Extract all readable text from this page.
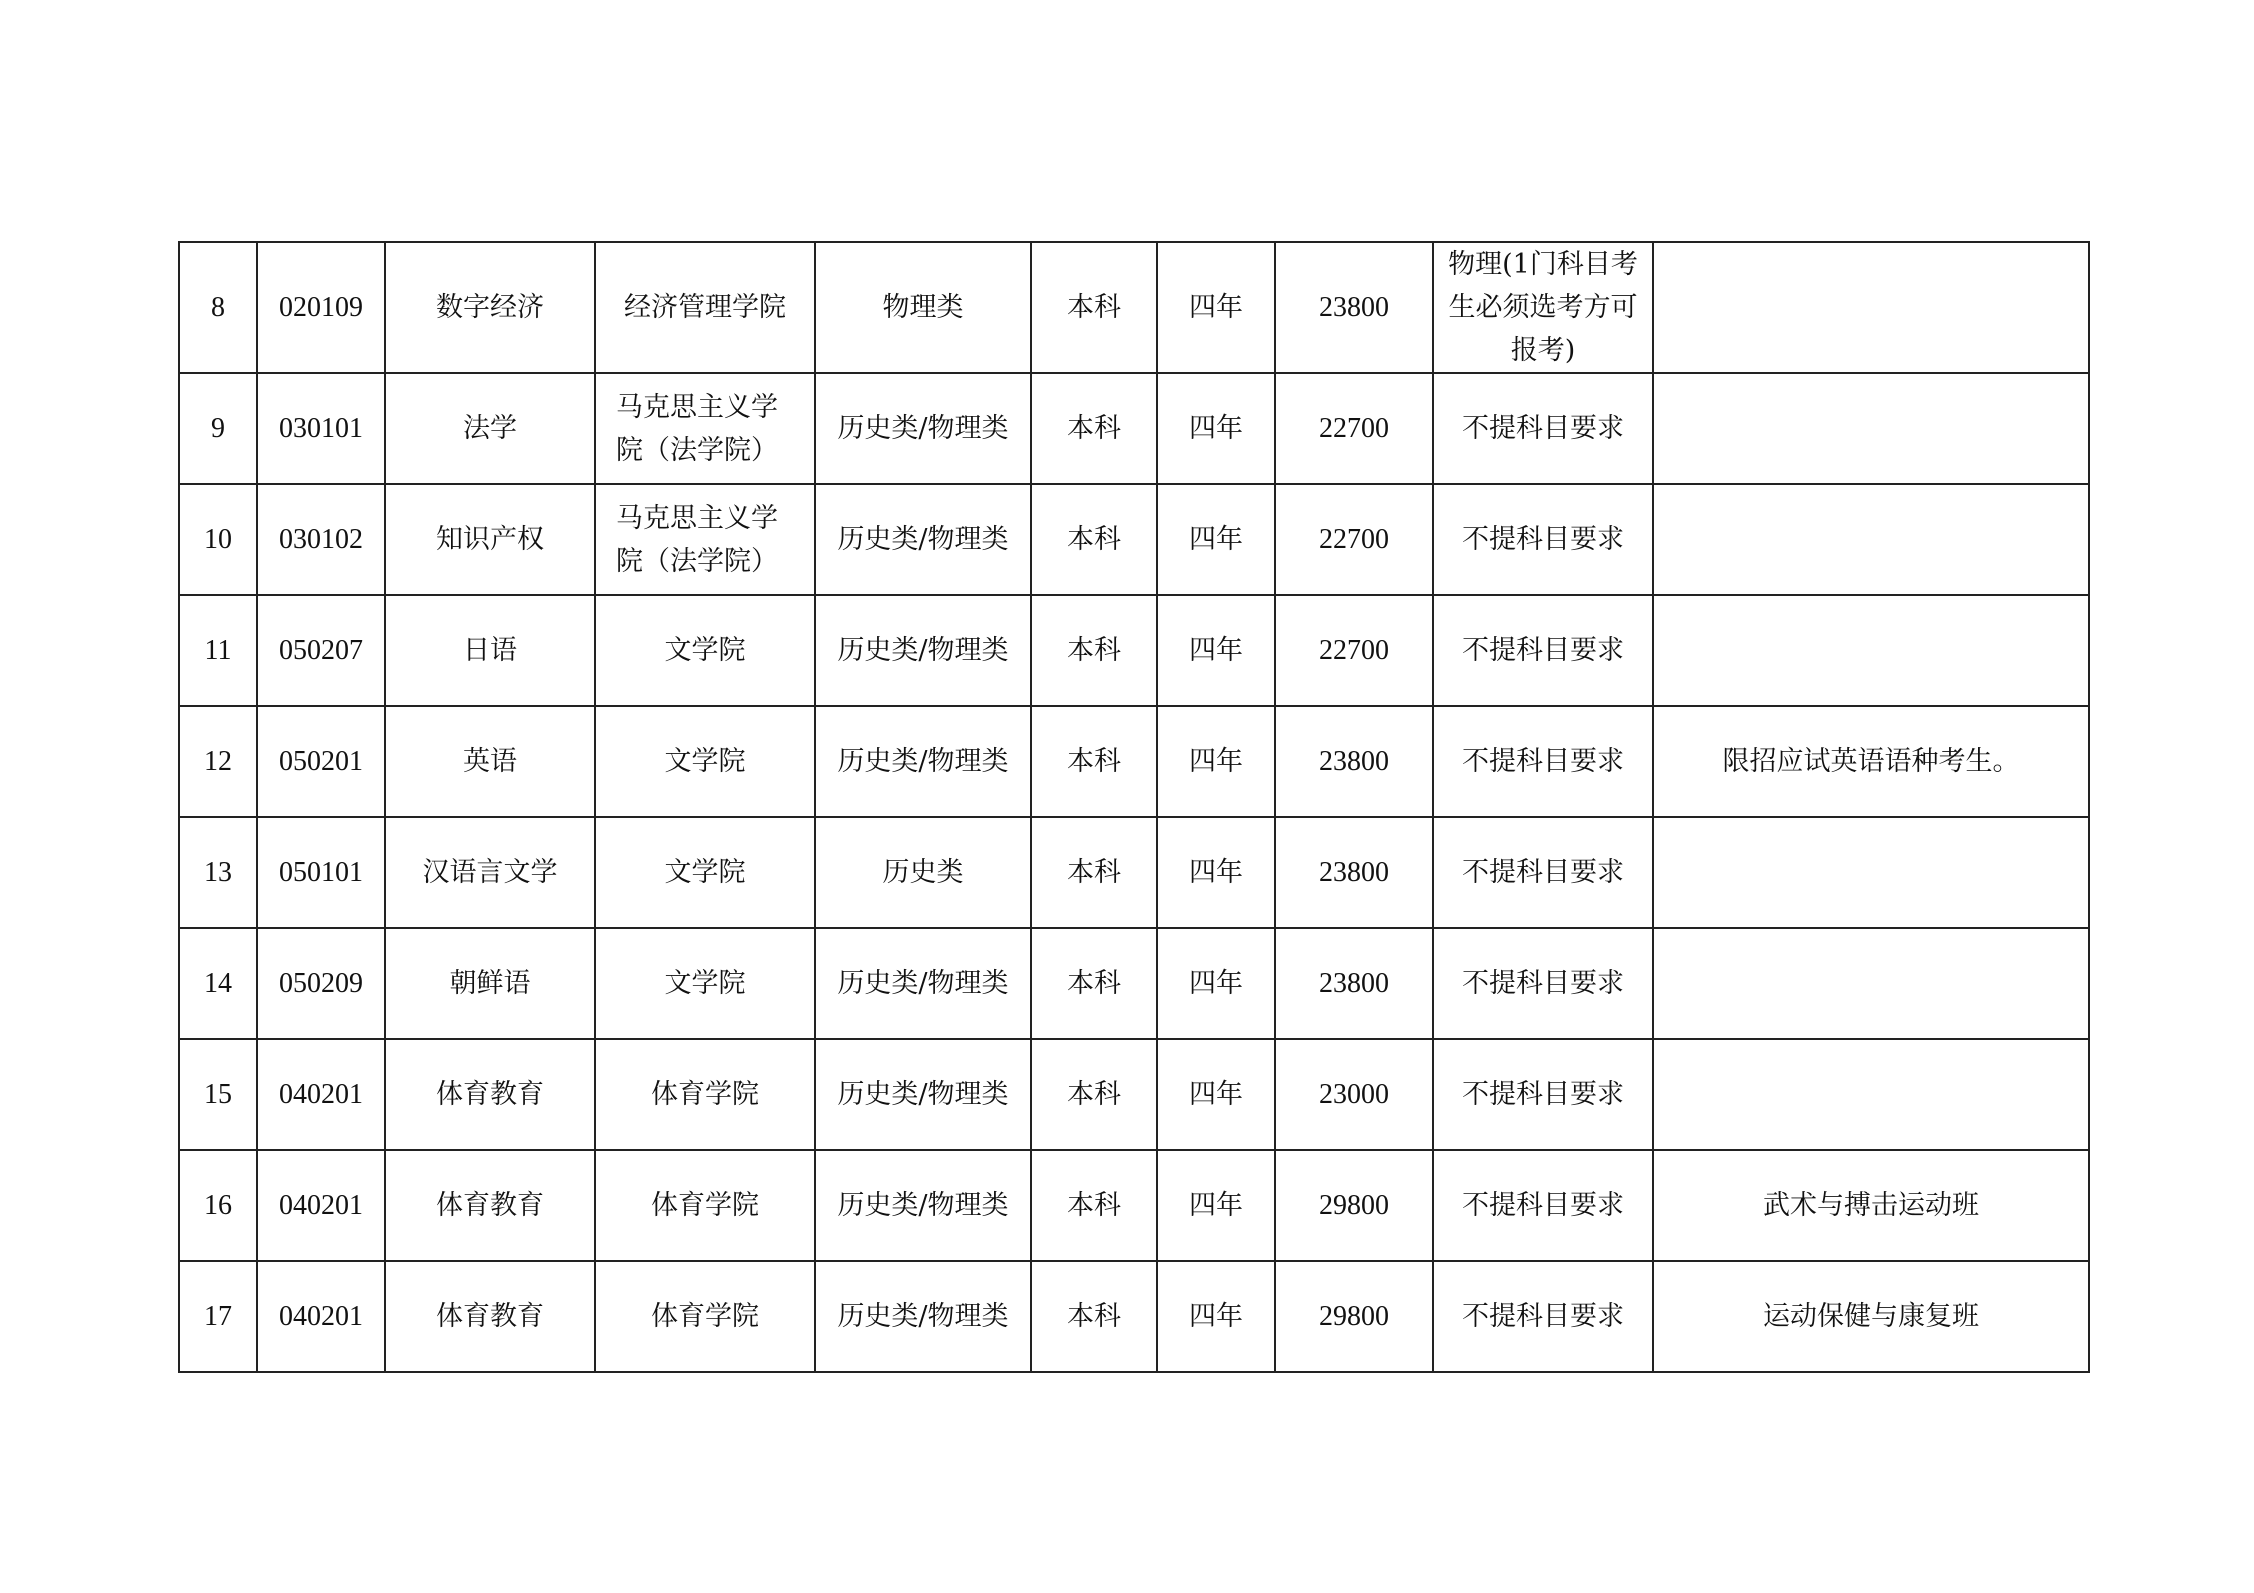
8	020109	数字经济	经济管理学院	物理类	本科	四年	23800	物理(1门科目考生必须选考方可报考)	
9	030101	法学	马克思主义学院（法学院）	历史类/物理类	本科	四年	22700	不提科目要求	
10	030102	知识产权	马克思主义学院（法学院）	历史类/物理类	本科	四年	22700	不提科目要求	
11	050207	日语	文学院	历史类/物理类	本科	四年	22700	不提科目要求	
12	050201	英语	文学院	历史类/物理类	本科	四年	23800	不提科目要求	限招应试英语语种考生。
13	050101	汉语言文学	文学院	历史类	本科	四年	23800	不提科目要求	
14	050209	朝鲜语	文学院	历史类/物理类	本科	四年	23800	不提科目要求	
15	040201	体育教育	体育学院	历史类/物理类	本科	四年	23000	不提科目要求	
16	040201	体育教育	体育学院	历史类/物理类	本科	四年	29800	不提科目要求	武术与搏击运动班
17	040201	体育教育	体育学院	历史类/物理类	本科	四年	29800	不提科目要求	运动保健与康复班
